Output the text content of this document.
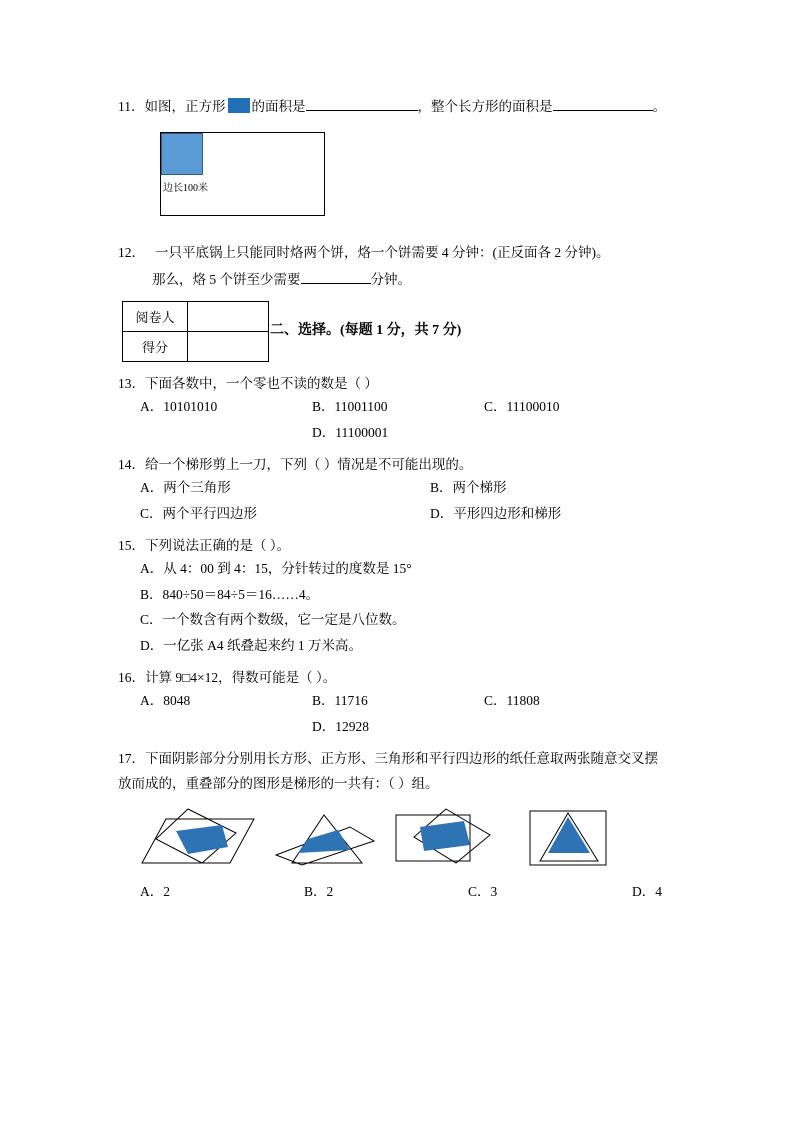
11．如图，正方形 的面积是	，整个长方形的面积是	。
边长100米
12． 一只平底锅上只能同时烙两个饼，烙一个饼需要 4 分钟：(正反面各 2 分钟)。
那么，烙 5 个饼至少需要	分钟。
阅卷人	
得分	
二、选择。(每题 1 分，共 7 分)
13．下面各数中，一个零也不读的数是（ ）
A．10101010	B．11001100	C．11100010
D．11100001
14．给一个梯形剪上一刀，下列（ ）情况是不可能出现的。
A．两个三角形	B．两个梯形
C．两个平行四边形	D．平形四边形和梯形
15．下列说法正确的是（ ）。
A．从 4：00 到 4：15，分针转过的度数是 15°
B．840÷50＝84÷5＝16……4。
C．一个数含有两个数级，它一定是八位数。
D．一亿张 A4 纸叠起来约 1 万米高。
16．计算 9□4×12，得数可能是（ ）。
A．8048	B．11716	C．11808
D．12928
17．下面阴影部分分别用长方形、正方形、三角形和平行四边形的纸任意取两张随意交叉摆
放而成的，重叠部分的图形是梯形的一共有：（ ）组。
A．2	B．2	C．3	D．4
